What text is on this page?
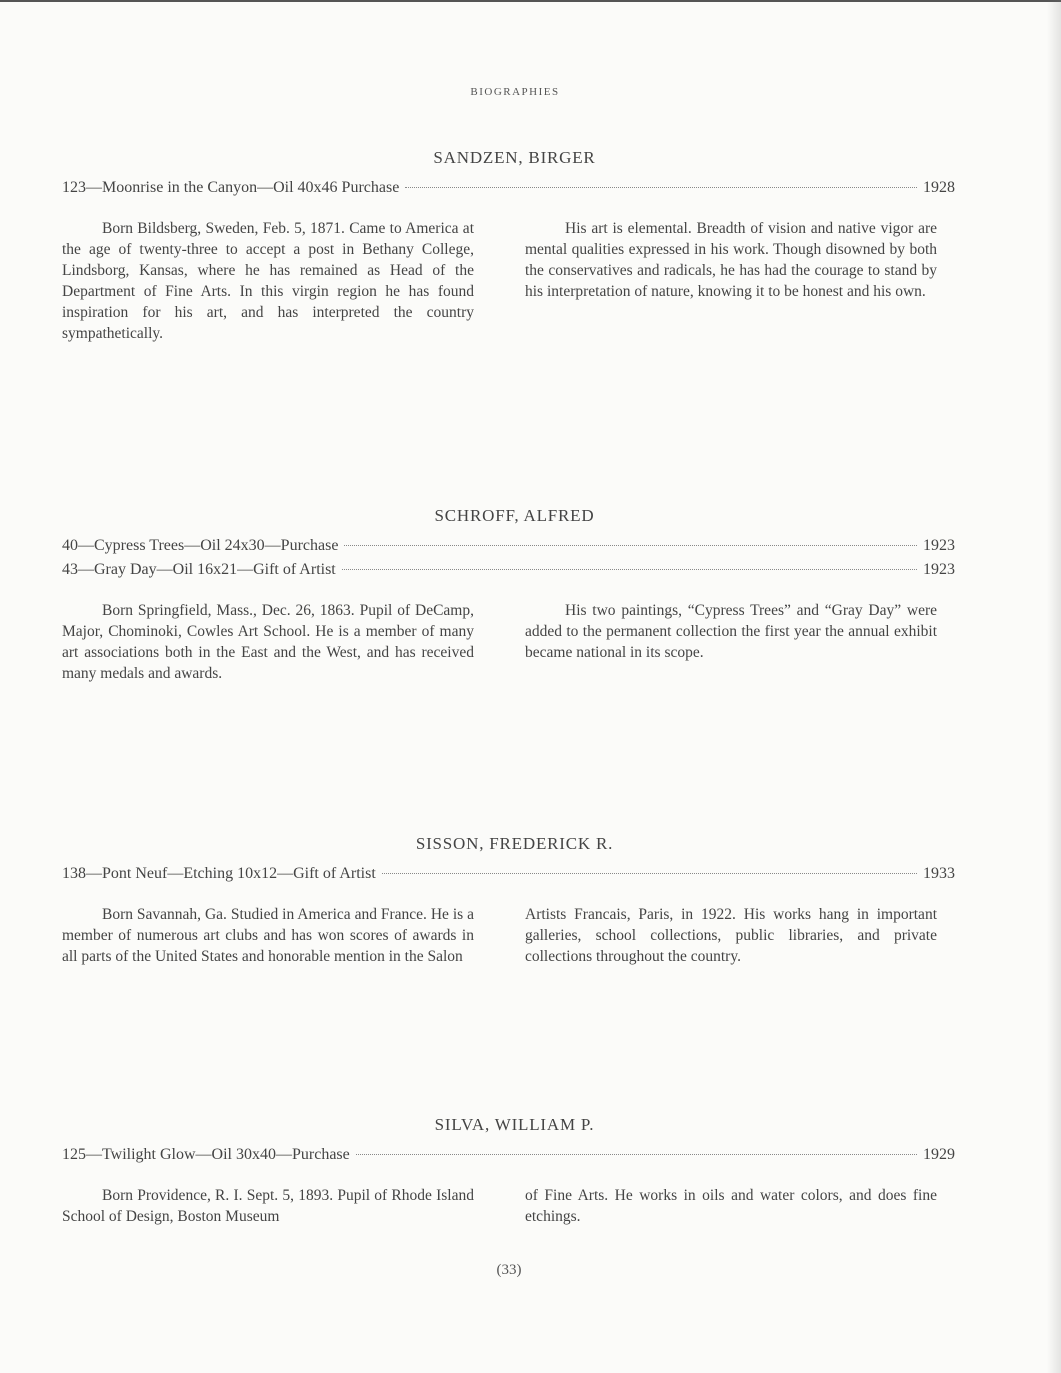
BIOGRAPHIES
SANDZEN, BIRGER
123—Moonrise in the Canyon—Oil 40x46 Purchase	1928
Born Bildsberg, Sweden, Feb. 5, 1871. Came to America at the age of twenty-three to accept a post in Bethany College, Lindsborg, Kansas, where he has remained as Head of the Department of Fine Arts. In this virgin region he has found inspiration for his art, and has interpreted the country sympathetically.
His art is elemental. Breadth of vision and native vigor are mental qualities expressed in his work. Though disowned by both the conservatives and radicals, he has had the courage to stand by his interpretation of nature, knowing it to be honest and his own.
SCHROFF, ALFRED
40—Cypress Trees—Oil 24x30—Purchase	1923
43—Gray Day—Oil 16x21—Gift of Artist	1923
Born Springfield, Mass., Dec. 26, 1863. Pupil of DeCamp, Major, Chominoki, Cowles Art School. He is a member of many art associations both in the East and the West, and has received many medals and awards.
His two paintings, “Cypress Trees” and “Gray Day” were added to the permanent collection the first year the annual exhibit became national in its scope.
SISSON, FREDERICK R.
138—Pont Neuf—Etching 10x12—Gift of Artist	1933
Born Savannah, Ga. Studied in America and France. He is a member of numerous art clubs and has won scores of awards in all parts of the United States and honorable mention in the Salon
Artists Francais, Paris, in 1922. His works hang in important galleries, school collections, public libraries, and private collections throughout the country.
SILVA, WILLIAM P.
125—Twilight Glow—Oil 30x40—Purchase	1929
Born Providence, R. I. Sept. 5, 1893. Pupil of Rhode Island School of Design, Boston Museum
of Fine Arts. He works in oils and water colors, and does fine etchings.
(33)
